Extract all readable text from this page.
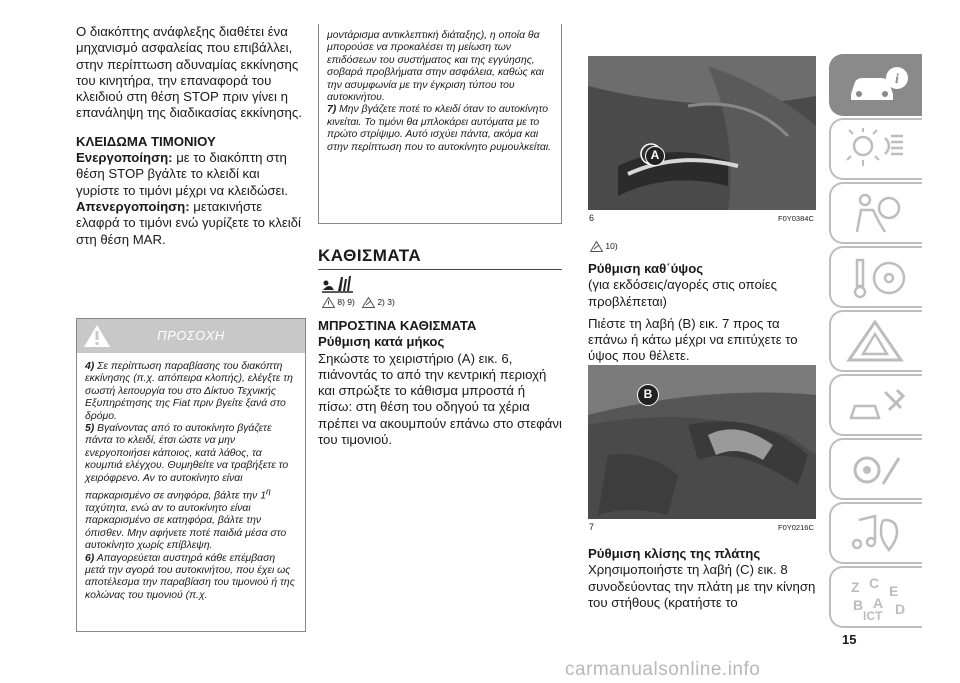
Ο διακόπτης ανάφλεξης διαθέτει ένα μηχανισμό ασφαλείας που επιβάλλει, στην περίπτωση αδυναμίας εκκίνησης του κινητήρα, την επαναφορά του κλειδιού στη θέση STOP πριν γίνει η επανάληψη της διαδικασίας εκκίνησης.

ΚΛΕΙΔΩΜΑ ΤΙΜΟΝΙΟΥ

Ενεργοποίηση: με το διακόπτη στη θέση STOP βγάλτε το κλειδί και γυρίστε το τιμόνι μέχρι να κλειδώσει.

Απενεργοποίηση: μετακινήστε ελαφρά το τιμόνι ενώ γυρίζετε το κλειδί στη θέση MAR.

ΠΡΟΣΟΧΗ

4) Σε περίπτωση παραβίασης του διακόπτη εκκίνησης (π.χ. απόπειρα κλοπής), ελέγξτε τη σωστή λειτουργία του στο Δίκτυο Τεχνικής Εξυπηρέτησης της Fiat πριν βγείτε ξανά στο δρόμο.

5) Βγαίνοντας από το αυτοκίνητο βγάζετε πάντα το κλειδί, έτσι ώστε να μην ενεργοποιήσει κάποιος, κατά λάθος, τα κουμπιά ελέγχου. Θυμηθείτε να τραβήξετε το χειρόφρενο. Αν το αυτοκίνητο είναι παρκαρισμένο σε ανηφόρα, βάλτε την $1^\eta$ ταχύτητα, ενώ αν το αυτοκίνητο είναι παρκαρισμένο σε κατηφόρα, βάλτε την όπισθεν. Μην αφήνετε ποτέ παιδιά μέσα στο αυτοκίνητο χωρίς επίβλεψη.

6) Απαγορεύεται αυστηρά κάθε επέμβαση μετά την αγορά του αυτοκινήτου, που έχει ως αποτέλεσμα την παραβίαση του τιμονιού ή της κολώνας του τιμονιού (π.χ.

μοντάρισμα αντικλεπτική διάταξης), η οποία θα μπορούσε να προκαλέσει τη μείωση των επιδόσεων του συστήματος και της εγγύησης, σοβαρά προβλήματα στην ασφάλεια, καθώς και την ασυμφωνία με την έγκριση τύπου του αυτοκινήτου.

7) Μην βγάζετε ποτέ το κλειδί όταν το αυτοκίνητο κινείται. Το τιμόνι θα μπλοκάρει αυτόματα με το πρώτο στρίψιμο. Αυτό ισχύει πάντα, ακόμα και στην περίπτωση που το αυτοκίνητο ρυμουλκείται.

ΚΑΘΙΣΜΑΤΑ
8) 9)	2) 3)

ΜΠΡΟΣΤΙΝΑ ΚΑΘΙΣΜΑΤΑ

Ρύθμιση κατά μήκος

Σηκώστε το χειριστήριο (A) εικ. 6, πιάνοντάς το από την κεντρική περιοχή και σπρώξτε το κάθισμα μπροστά ή πίσω: στη θέση του οδηγού τα χέρια πρέπει να ακουμπούν επάνω στο στεφάνι του τιμονιού.

A
6	F0Y0384C
10)

Ρύθμιση καθ΄ύψος

(για εκδόσεις/αγορές στις οποίες προβλέπεται)

Πιέστε τη λαβή (B) εικ. 7 προς τα επάνω ή κάτω μέχρι να επιτύχετε το ύψος που θέλετε.

B
7	F0Y0216C

Ρύθμιση κλίσης της πλάτης

Χρησιμοποιήστε τη λαβή (C) εικ. 8 συνοδεύοντας την πλάτη με την κίνηση του στήθους (κρατήστε το

i
Z C E
B A D
ICT
15
carmanualsonline.info
